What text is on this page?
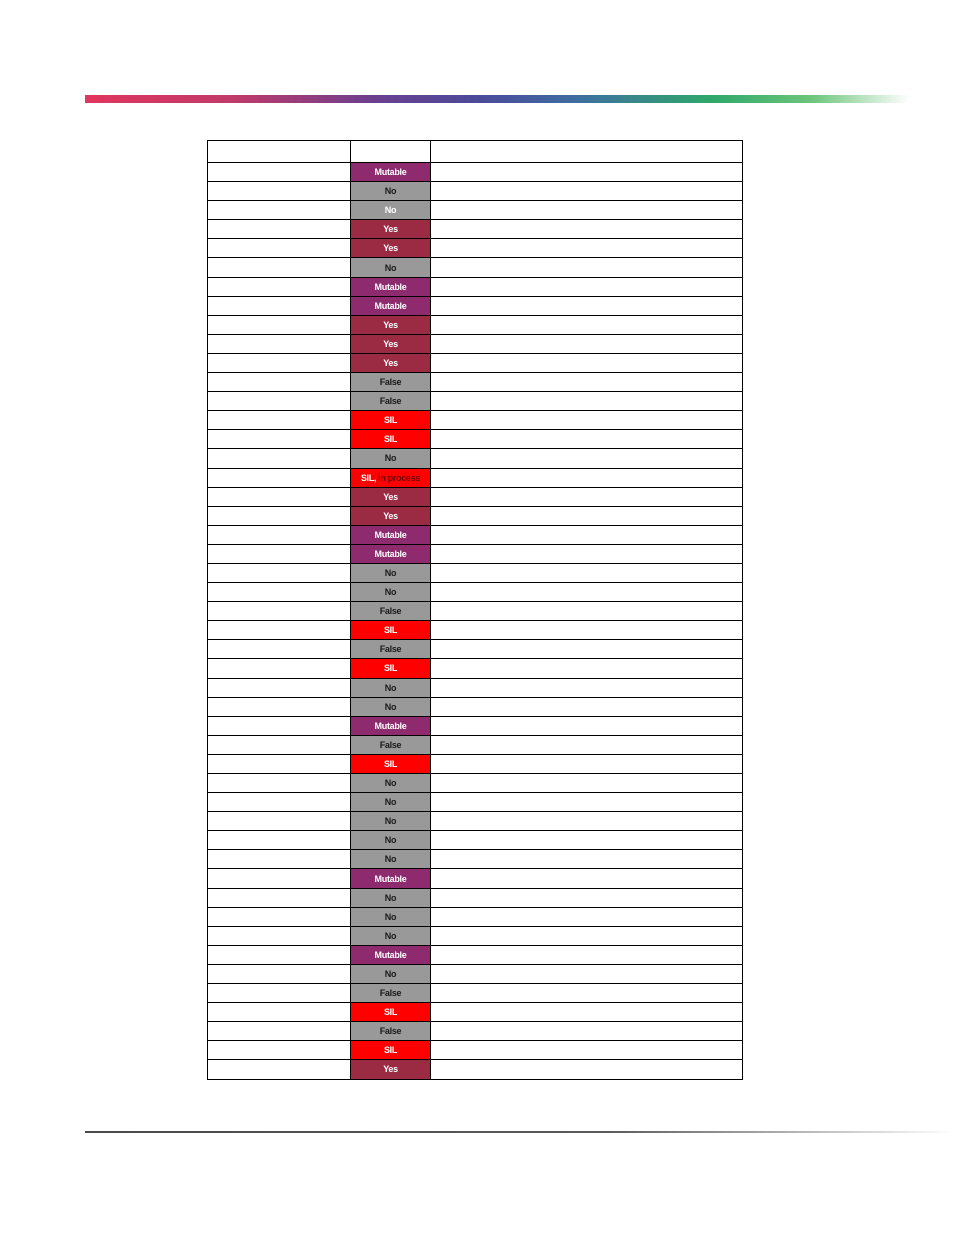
Mutable
No
No
Yes
Yes
No
Mutable
Mutable
Yes
Yes
Yes
False
False
SIL
SIL
No
SIL, in process
Yes
Yes
Mutable
Mutable
No
No
False
SIL
False
SIL
No
No
Mutable
False
SIL
No
No
No
No
No
Mutable
No
No
No
Mutable
No
False
SIL
False
SIL
Yes
